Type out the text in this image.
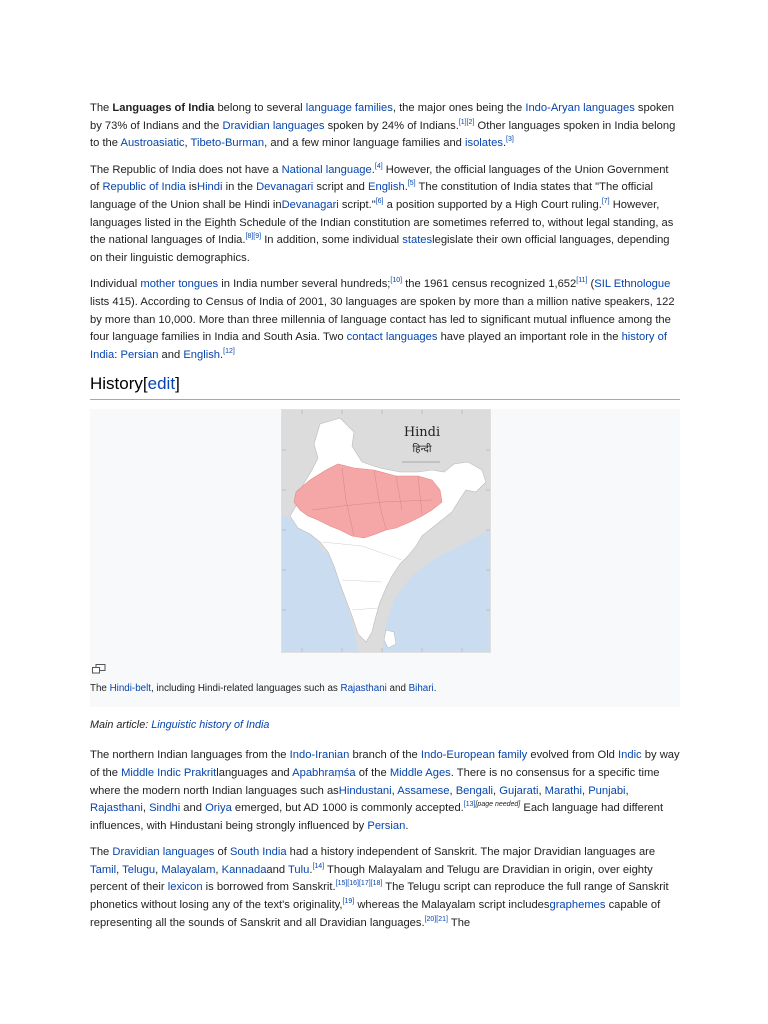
The Languages of India belong to several language families, the major ones being the Indo-Aryan languages spoken by 73% of Indians and the Dravidian languages spoken by 24% of Indians.[1][2] Other languages spoken in India belong to the Austroasiatic, Tibeto-Burman, and a few minor language families and isolates.[3]

The Republic of India does not have a National language.[4] However, the official languages of the Union Government of Republic of India isHindi in the Devanagari script and English.[5] The constitution of India states that "The official language of the Union shall be Hindi inDevanagari script."[6] a position supported by a High Court ruling.[7] However, languages listed in the Eighth Schedule of the Indian constitution are sometimes referred to, without legal standing, as the national languages of India.[8][9] In addition, some individual stateslegislate their own official languages, depending on their linguistic demographics.

Individual mother tongues in India number several hundreds;[10] the 1961 census recognized 1,652[11] (SIL Ethnologue lists 415). According to Census of India of 2001, 30 languages are spoken by more than a million native speakers, 122 by more than 10,000. More than three millennia of language contact has led to significant mutual influence among the four language families in India and South Asia. Two contact languages have played an important role in the history of India: Persian and English.[12]

History[edit]
Hindi
हिन्दी
The Hindi-belt, including Hindi-related languages such as Rajasthani and Bihari.
Main article: Linguistic history of India

The northern Indian languages from the Indo-Iranian branch of the Indo-European family evolved from Old Indic by way of the Middle Indic Prakritlanguages and Apabhraṃśa of the Middle Ages. There is no consensus for a specific time where the modern north Indian languages such asHindustani, Assamese, Bengali, Gujarati, Marathi, Punjabi, Rajasthani, Sindhi and Oriya emerged, but AD 1000 is commonly accepted.[13][page needed] Each language had different influences, with Hindustani being strongly influenced by Persian.

The Dravidian languages of South India had a history independent of Sanskrit. The major Dravidian languages are Tamil, Telugu, Malayalam, Kannadaand Tulu.[14] Though Malayalam and Telugu are Dravidian in origin, over eighty percent of their lexicon is borrowed from Sanskrit.[15][16][17][18] The Telugu script can reproduce the full range of Sanskrit phonetics without losing any of the text's originality,[19] whereas the Malayalam script includesgraphemes capable of representing all the sounds of Sanskrit and all Dravidian languages.[20][21] The
